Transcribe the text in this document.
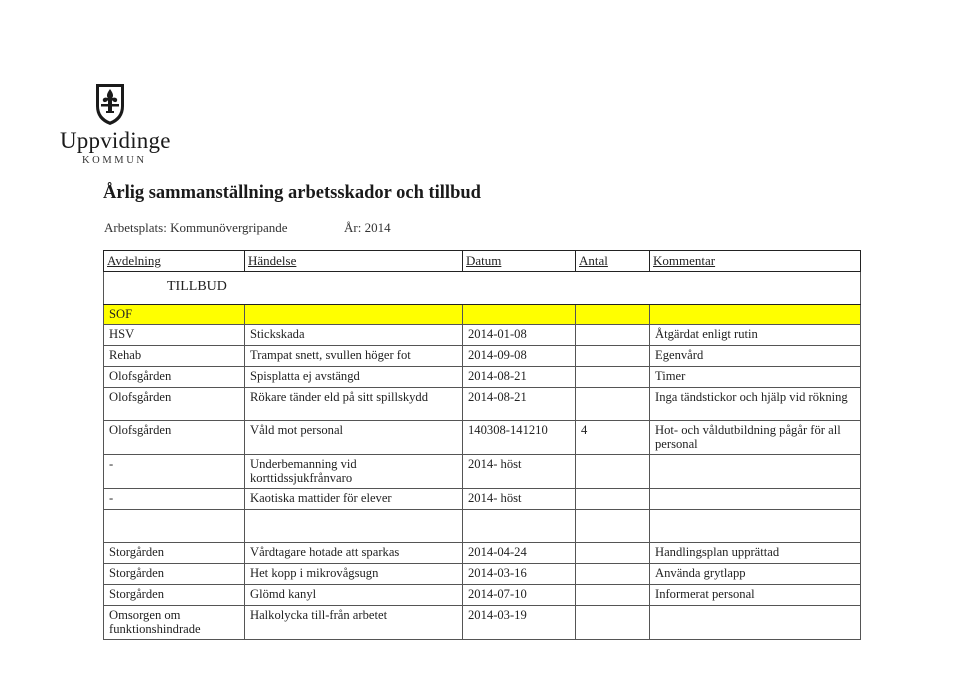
Uppvidinge
KOMMUN
Årlig sammanställning arbetsskador och tillbud
Arbetsplats: Kommunövergripande	År: 2014
Avdelning	Händelse	Datum	Antal	Kommentar
TILLBUD				
SOF				
HSV	Stickskada	2014-01-08		Åtgärdat enligt rutin
Rehab	Trampat snett, svullen höger fot	2014-09-08		Egenvård
Olofsgården	Spisplatta ej avstängd	2014-08-21		Timer
Olofsgården	Rökare tänder eld på sitt spillskydd	2014-08-21		Inga tändstickor och hjälp vid rökning
Olofsgården	Våld mot personal	140308-141210	4	Hot- och våldutbildning pågår för all personal
-	Underbemanning vid korttidssjukfrånvaro	2014- höst		
-	Kaotiska mattider för elever	2014- höst		

Storgården	Vårdtagare hotade att sparkas	2014-04-24		Handlingsplan upprättad
Storgården	Het kopp i mikrovågsugn	2014-03-16		Använda grytlapp
Storgården	Glömd kanyl	2014-07-10		Informerat personal
Omsorgen om funktionshindrade	Halkolycka till-från arbetet	2014-03-19		
